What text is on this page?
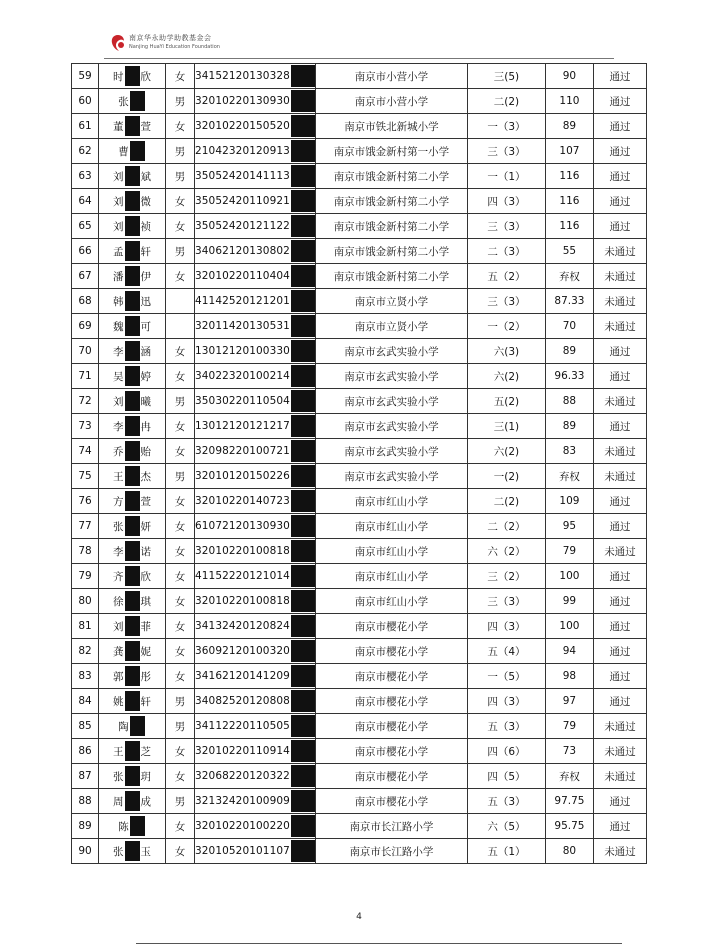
南京华永助学助教基金会
Nanjing HuaYi Education Foundation
59	时 欣	女	34152120130328	南京市小营小学	三(5)	90	通过
60	张	男	32010220130930	南京市小营小学	二(2)	110	通过
61	董 萱	女	32010220150520	南京市铁北新城小学	一（3）	89	通过
62	曹	男	21042320120913	南京市饿金新村第一小学	三（3）	107	通过
63	刘 斌	男	35052420141113	南京市饿金新村第二小学	一（1）	116	通过
64	刘 微	女	35052420110921	南京市饿金新村第二小学	四（3）	116	通过
65	刘 祯	女	35052420121122	南京市饿金新村第二小学	三（3）	116	通过
66	孟 轩	男	34062120130802	南京市饿金新村第二小学	二（3）	55	未通过
67	潘 伊	女	32010220110404	南京市饿金新村第二小学	五（2）	弃权	未通过
68	韩 迅		41142520121201	南京市立贤小学	三（3）	87.33	未通过
69	魏 可		32011420130531	南京市立贤小学	一（2）	70	未通过
70	李 涵	女	13012120100330	南京市玄武实验小学	六(3)	89	通过
71	吴 婷	女	34022320100214	南京市玄武实验小学	六(2)	96.33	通过
72	刘 曦	男	35030220110504	南京市玄武实验小学	五(2)	88	未通过
73	李 冉	女	13012120121217	南京市玄武实验小学	三(1)	89	通过
74	乔 贻	女	32098220100721	南京市玄武实验小学	六(2)	83	未通过
75	王 杰	男	32010120150226	南京市玄武实验小学	一(2)	弃权	未通过
76	方 萱	女	32010220140723	南京市红山小学	二(2)	109	通过
77	张 妍	女	61072120130930	南京市红山小学	二（2）	95	通过
78	李 诺	女	32010220100818	南京市红山小学	六（2）	79	未通过
79	齐 欣	女	41152220121014	南京市红山小学	三（2）	100	通过
80	徐 琪	女	32010220100818	南京市红山小学	三（3）	99	通过
81	刘 菲	女	34132420120824	南京市樱花小学	四（3）	100	通过
82	龚 妮	女	36092120100320	南京市樱花小学	五（4）	94	通过
83	郭 彤	女	34162120141209	南京市樱花小学	一（5）	98	通过
84	姚 轩	男	34082520120808	南京市樱花小学	四（3）	97	通过
85	陶	男	34112220110505	南京市樱花小学	五（3）	79	未通过
86	王 芝	女	32010220110914	南京市樱花小学	四（6）	73	未通过
87	张 玥	女	32068220120322	南京市樱花小学	四（5）	弃权	未通过
88	周 成	男	32132420100909	南京市樱花小学	五（3）	97.75	通过
89	陈	女	32010220100220	南京市长江路小学	六（5）	95.75	通过
90	张 玉	女	32010520101107	南京市长江路小学	五（1）	80	未通过
4
